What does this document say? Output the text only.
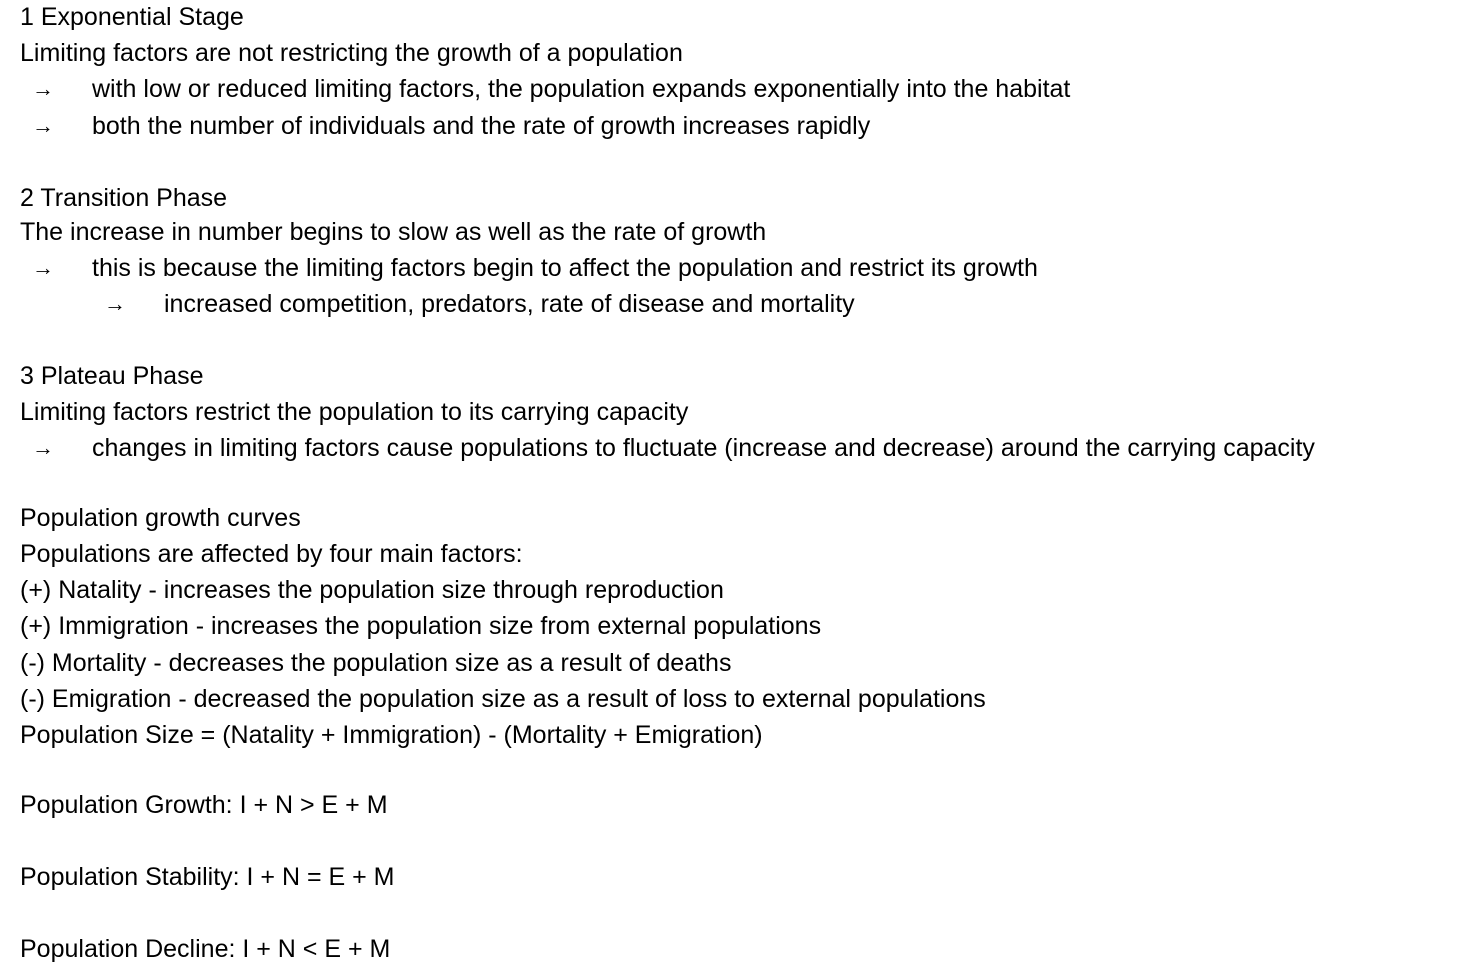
1 Exponential Stage
Limiting factors are not restricting the growth of a population
→ with low or reduced limiting factors, the population expands exponentially into the habitat
→ both the number of individuals and the rate of growth increases rapidly
2 Transition Phase
The increase in number begins to slow as well as the rate of growth
→ this is because the limiting factors begin to affect the population and restrict its growth
→ increased competition, predators, rate of disease and mortality
3 Plateau Phase
Limiting factors restrict the population to its carrying capacity
→ changes in limiting factors cause populations to fluctuate (increase and decrease) around the carrying capacity
Population growth curves
Populations are affected by four main factors:
(+) Natality - increases the population size through reproduction
(+) Immigration - increases the population size from external populations
(-) Mortality - decreases the population size as a result of deaths
(-) Emigration - decreased the population size as a result of loss to external populations
Population Size = (Natality + Immigration) - (Mortality + Emigration)
Population Growth: I + N > E + M
Population Stability: I + N = E + M
Population Decline: I + N < E + M
